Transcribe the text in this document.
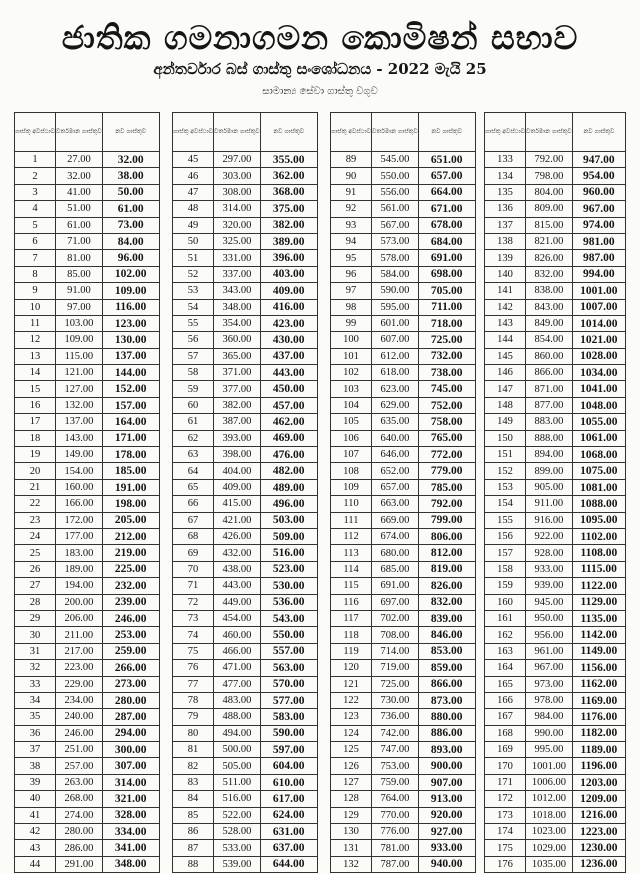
ජාතික ගමනාගමන කොමිෂන් සභාව
අන්තර්වාර බස් ගාස්තු සංශෝධනය - 2022 මැයි 25
සාමාන්‍ය සේවා ගාස්තු වගුව
ගාස්තු අවස්ථාව	වර්තමාන ගාස්තුව	නව ගාස්තුව
1	27.00	32.00
2	32.00	38.00
3	41.00	50.00
4	51.00	61.00
5	61.00	73.00
6	71.00	84.00
7	81.00	96.00
8	85.00	102.00
9	91.00	109.00
10	97.00	116.00
11	103.00	123.00
12	109.00	130.00
13	115.00	137.00
14	121.00	144.00
15	127.00	152.00
16	132.00	157.00
17	137.00	164.00
18	143.00	171.00
19	149.00	178.00
20	154.00	185.00
21	160.00	191.00
22	166.00	198.00
23	172.00	205.00
24	177.00	212.00
25	183.00	219.00
26	189.00	225.00
27	194.00	232.00
28	200.00	239.00
29	206.00	246.00
30	211.00	253.00
31	217.00	259.00
32	223.00	266.00
33	229.00	273.00
34	234.00	280.00
35	240.00	287.00
36	246.00	294.00
37	251.00	300.00
38	257.00	307.00
39	263.00	314.00
40	268.00	321.00
41	274.00	328.00
42	280.00	334.00
43	286.00	341.00
44	291.00	348.00
ගාස්තු අවස්ථාව	වර්තමාන ගාස්තුව	නව ගාස්තුව
45	297.00	355.00
46	303.00	362.00
47	308.00	368.00
48	314.00	375.00
49	320.00	382.00
50	325.00	389.00
51	331.00	396.00
52	337.00	403.00
53	343.00	409.00
54	348.00	416.00
55	354.00	423.00
56	360.00	430.00
57	365.00	437.00
58	371.00	443.00
59	377.00	450.00
60	382.00	457.00
61	387.00	462.00
62	393.00	469.00
63	398.00	476.00
64	404.00	482.00
65	409.00	489.00
66	415.00	496.00
67	421.00	503.00
68	426.00	509.00
69	432.00	516.00
70	438.00	523.00
71	443.00	530.00
72	449.00	536.00
73	454.00	543.00
74	460.00	550.00
75	466.00	557.00
76	471.00	563.00
77	477.00	570.00
78	483.00	577.00
79	488.00	583.00
80	494.00	590.00
81	500.00	597.00
82	505.00	604.00
83	511.00	610.00
84	516.00	617.00
85	522.00	624.00
86	528.00	631.00
87	533.00	637.00
88	539.00	644.00
ගාස්තු අවස්ථාව	වර්තමාන ගාස්තුව	නව ගාස්තුව
89	545.00	651.00
90	550.00	657.00
91	556.00	664.00
92	561.00	671.00
93	567.00	678.00
94	573.00	684.00
95	578.00	691.00
96	584.00	698.00
97	590.00	705.00
98	595.00	711.00
99	601.00	718.00
100	607.00	725.00
101	612.00	732.00
102	618.00	738.00
103	623.00	745.00
104	629.00	752.00
105	635.00	758.00
106	640.00	765.00
107	646.00	772.00
108	652.00	779.00
109	657.00	785.00
110	663.00	792.00
111	669.00	799.00
112	674.00	806.00
113	680.00	812.00
114	685.00	819.00
115	691.00	826.00
116	697.00	832.00
117	702.00	839.00
118	708.00	846.00
119	714.00	853.00
120	719.00	859.00
121	725.00	866.00
122	730.00	873.00
123	736.00	880.00
124	742.00	886.00
125	747.00	893.00
126	753.00	900.00
127	759.00	907.00
128	764.00	913.00
129	770.00	920.00
130	776.00	927.00
131	781.00	933.00
132	787.00	940.00
ගාස්තු අවස්ථාව	වර්තමාන ගාස්තුව	නව ගාස්තුව
133	792.00	947.00
134	798.00	954.00
135	804.00	960.00
136	809.00	967.00
137	815.00	974.00
138	821.00	981.00
139	826.00	987.00
140	832.00	994.00
141	838.00	1001.00
142	843.00	1007.00
143	849.00	1014.00
144	854.00	1021.00
145	860.00	1028.00
146	866.00	1034.00
147	871.00	1041.00
148	877.00	1048.00
149	883.00	1055.00
150	888.00	1061.00
151	894.00	1068.00
152	899.00	1075.00
153	905.00	1081.00
154	911.00	1088.00
155	916.00	1095.00
156	922.00	1102.00
157	928.00	1108.00
158	933.00	1115.00
159	939.00	1122.00
160	945.00	1129.00
161	950.00	1135.00
162	956.00	1142.00
163	961.00	1149.00
164	967.00	1156.00
165	973.00	1162.00
166	978.00	1169.00
167	984.00	1176.00
168	990.00	1182.00
169	995.00	1189.00
170	1001.00	1196.00
171	1006.00	1203.00
172	1012.00	1209.00
173	1018.00	1216.00
174	1023.00	1223.00
175	1029.00	1230.00
176	1035.00	1236.00
